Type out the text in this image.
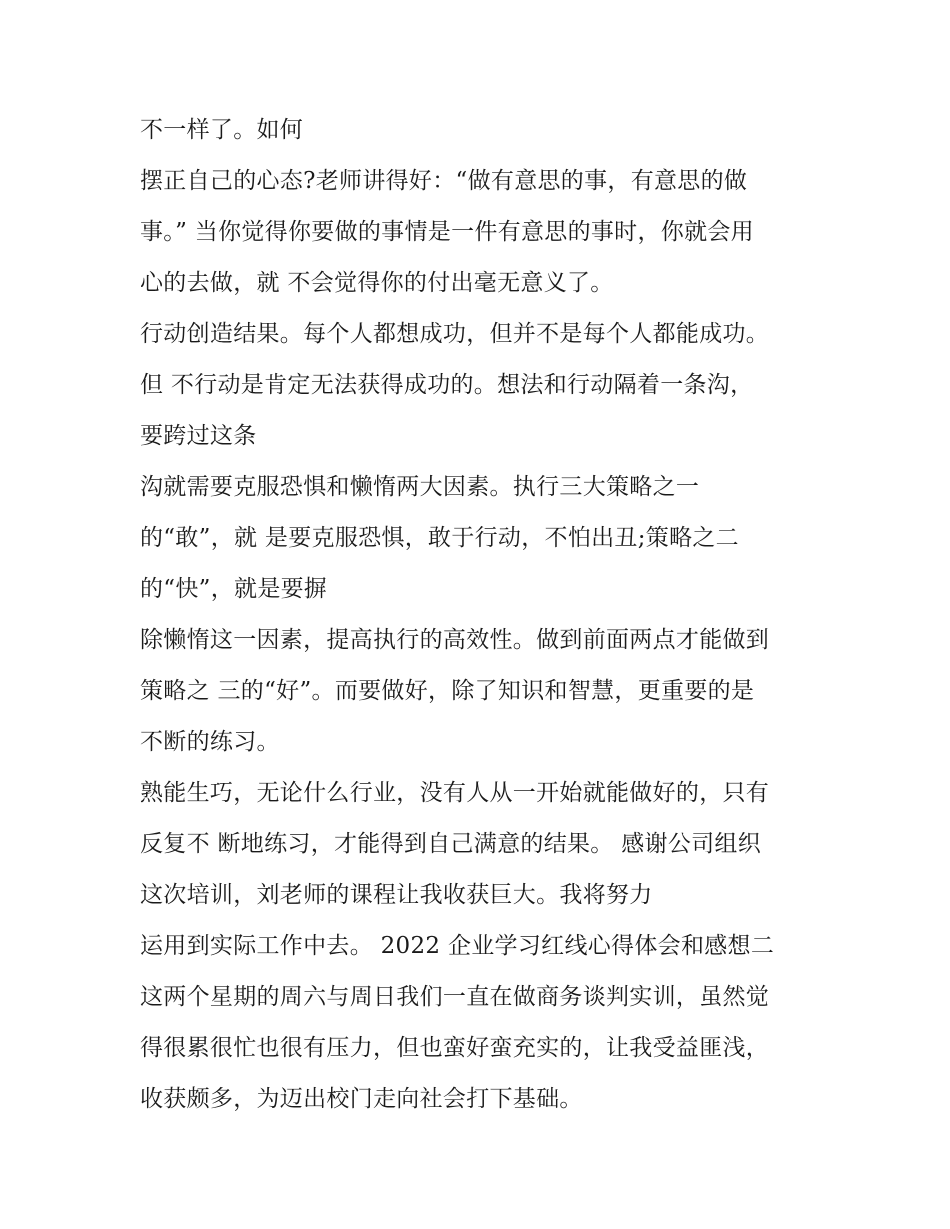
不一样了。如何
摆正自己的心态?老师讲得好：“做有意思的事，有意思的做
事。” 当你觉得你要做的事情是一件有意思的事时，你就会用
心的去做，就 不会觉得你的付出毫无意义了。
行动创造结果。每个人都想成功，但并不是每个人都能成功。
但 不行动是肯定无法获得成功的。想法和行动隔着一条沟，
要跨过这条
沟就需要克服恐惧和懒惰两大因素。执行三大策略之一
的“敢”，就 是要克服恐惧，敢于行动，不怕出丑;策略之二
的“快”，就是要摒
除懒惰这一因素，提高执行的高效性。做到前面两点才能做到
策略之 三的“好”。而要做好，除了知识和智慧，更重要的是
不断的练习。
熟能生巧，无论什么行业，没有人从一开始就能做好的，只有
反复不 断地练习，才能得到自己满意的结果。 感谢公司组织
这次培训，刘老师的课程让我收获巨大。我将努力
运用到实际工作中去。 2022 企业学习红线心得体会和感想二
这两个星期的周六与周日我们一直在做商务谈判实训，虽然觉
得很累很忙也很有压力，但也蛮好蛮充实的，让我受益匪浅，
收获颇多，为迈出校门走向社会打下基础。
